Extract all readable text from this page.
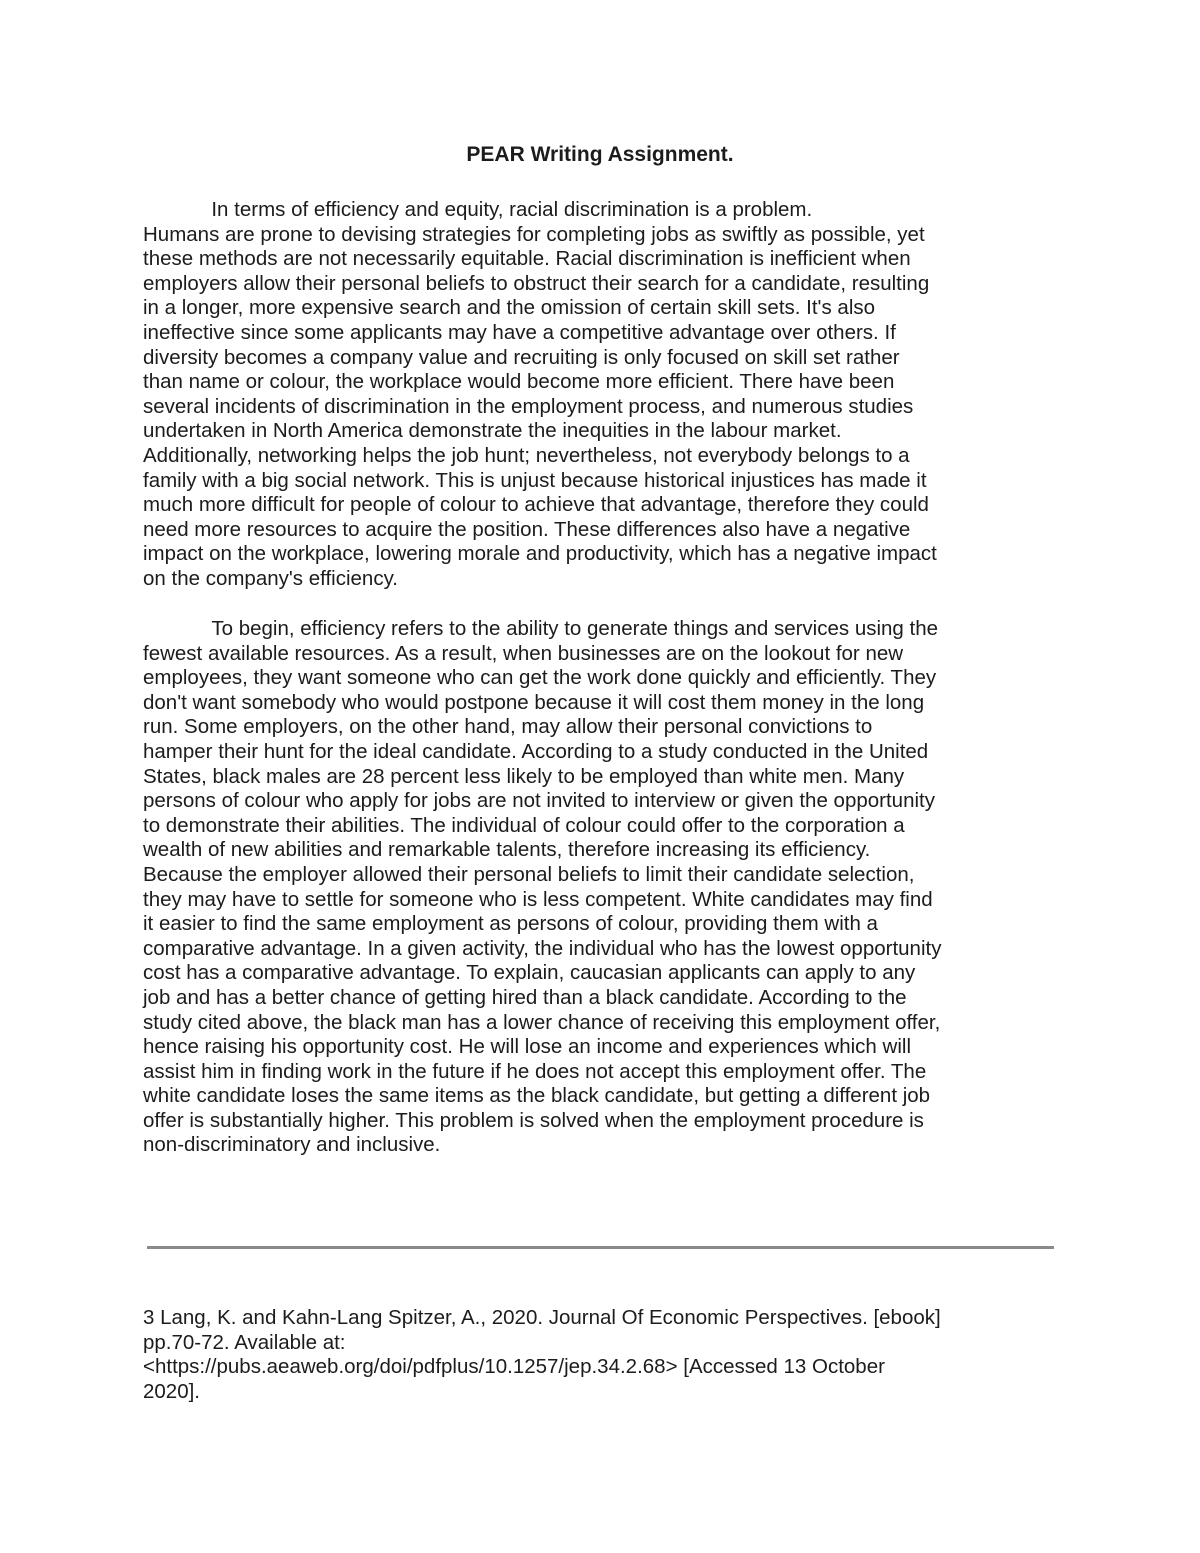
PEAR Writing Assignment.
In terms of efficiency and equity, racial discrimination is a problem.
Humans are prone to devising strategies for completing jobs as swiftly as possible, yet
these methods are not necessarily equitable. Racial discrimination is inefficient when
employers allow their personal beliefs to obstruct their search for a candidate, resulting
in a longer, more expensive search and the omission of certain skill sets. It's also
ineffective since some applicants may have a competitive advantage over others. If
diversity becomes a company value and recruiting is only focused on skill set rather
than name or colour, the workplace would become more efficient. There have been
several incidents of discrimination in the employment process, and numerous studies
undertaken in North America demonstrate the inequities in the labour market.
Additionally, networking helps the job hunt; nevertheless, not everybody belongs to a
family with a big social network. This is unjust because historical injustices has made it
much more difficult for people of colour to achieve that advantage, therefore they could
need more resources to acquire the position. These differences also have a negative
impact on the workplace, lowering morale and productivity, which has a negative impact
on the company's efficiency.
To begin, efficiency refers to the ability to generate things and services using the
fewest available resources. As a result, when businesses are on the lookout for new
employees, they want someone who can get the work done quickly and efficiently. They
don't want somebody who would postpone because it will cost them money in the long
run. Some employers, on the other hand, may allow their personal convictions to
hamper their hunt for the ideal candidate. According to a study conducted in the United
States, black males are 28 percent less likely to be employed than white men. Many
persons of colour who apply for jobs are not invited to interview or given the opportunity
to demonstrate their abilities. The individual of colour could offer to the corporation a
wealth of new abilities and remarkable talents, therefore increasing its efficiency.
Because the employer allowed their personal beliefs to limit their candidate selection,
they may have to settle for someone who is less competent. White candidates may find
it easier to find the same employment as persons of colour, providing them with a
comparative advantage. In a given activity, the individual who has the lowest opportunity
cost has a comparative advantage. To explain, caucasian applicants can apply to any
job and has a better chance of getting hired than a black candidate. According to the
study cited above, the black man has a lower chance of receiving this employment offer,
hence raising his opportunity cost. He will lose an income and experiences which will
assist him in finding work in the future if he does not accept this employment offer. The
white candidate loses the same items as the black candidate, but getting a different job
offer is substantially higher. This problem is solved when the employment procedure is
non-discriminatory and inclusive.
3 Lang, K. and Kahn-Lang Spitzer, A., 2020. Journal Of Economic Perspectives. [ebook]
pp.70-72. Available at:
<https://pubs.aeaweb.org/doi/pdfplus/10.1257/jep.34.2.68> [Accessed 13 October
2020].
